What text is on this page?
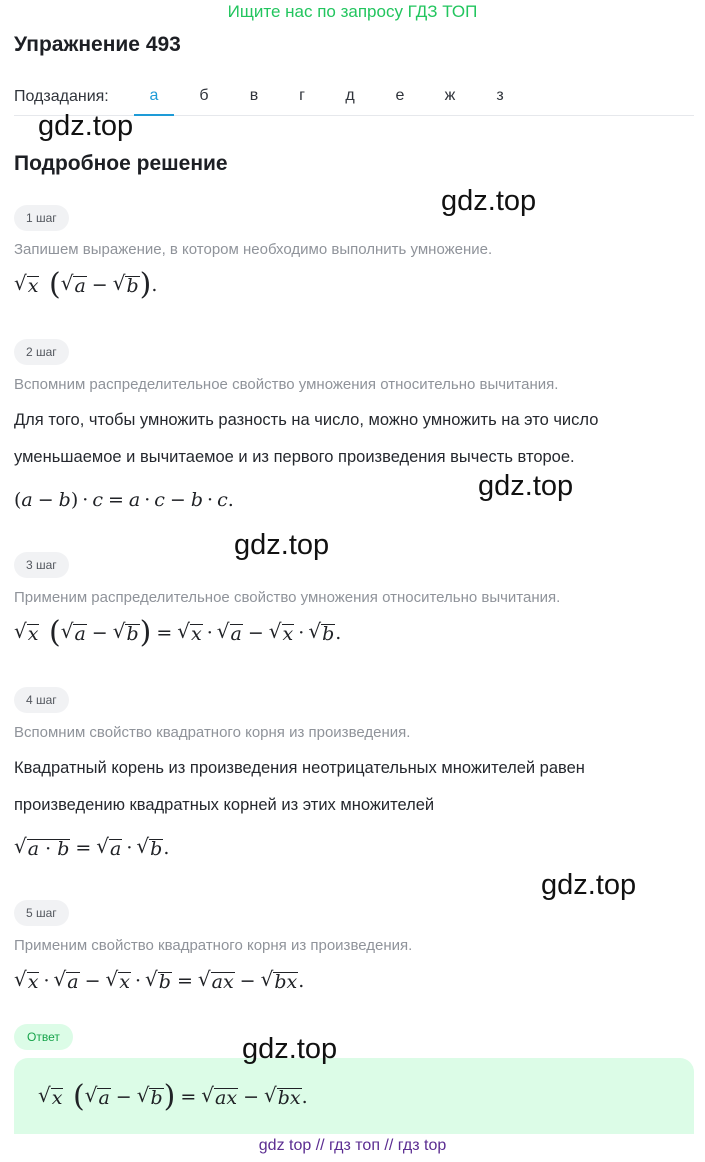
Ищите нас по запросу ГДЗ ТОП
Упражнение 493
Подзадания:	а	б	в	г	д	е	ж	з
Подробное решение
1 шаг
Запишем выражение, в котором необходимо выполнить умножение.
√ x ( √ a − √ b ) .
2 шаг
Вспомним распределительное свойство умножения относительно вычитания.
Для того, чтобы умножить разность на число, можно умножить на это число
уменьшаемое и вычитаемое и из первого произведения вычесть второе.
( a − b ) · c = a · c − b · c .
3 шаг
Применим распределительное свойство умножения относительно вычитания.
√ x ( √ a − √ b ) = √ x · √ a − √ x · √ b .
4 шаг
Вспомним свойство квадратного корня из произведения.
Квадратный корень из произведения неотрицательных множителей равен
произведению квадратных корней из этих множителей
√ a · b = √ a · √ b .
5 шаг
Применим свойство квадратного корня из произведения.
√ x · √ a − √ x · √ b = √ ax − √ bx .
Ответ
√ x ( √ a − √ b ) = √ ax − √ bx .
gdz.top
gdz.top
gdz.top
gdz.top
gdz.top
gdz.top
gdz top // гдз топ // гдз top
